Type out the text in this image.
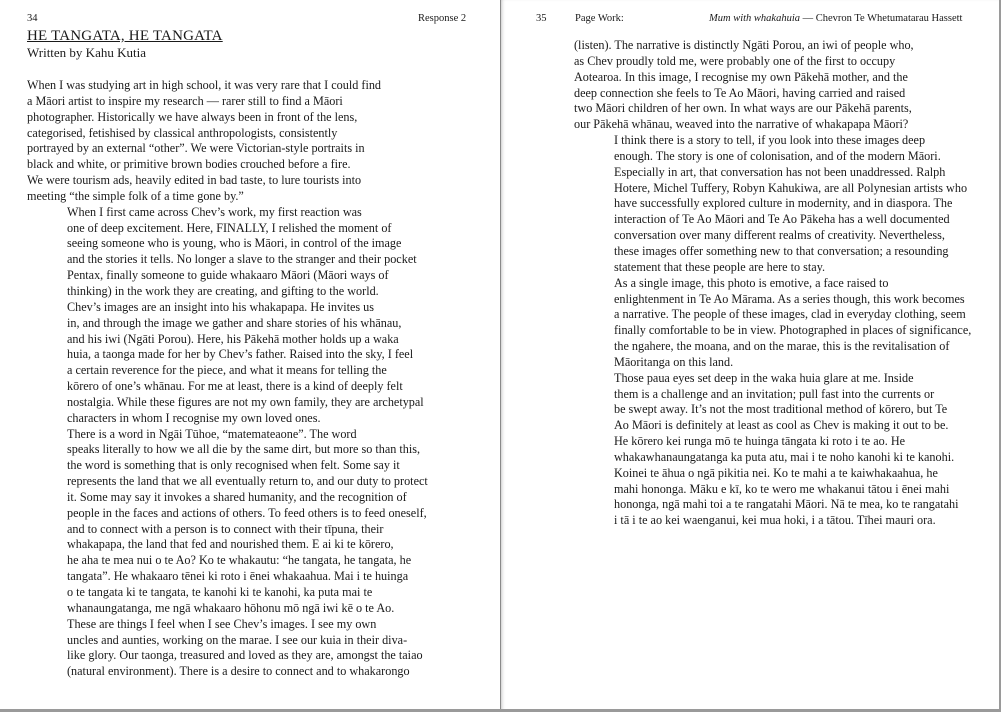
34	Response 2
HE TANGATA, HE TANGATA

Written by Kahu Kutia

When I was studying art in high school, it was very rare that I could find
a Māori artist to inspire my research — rarer still to find a Māori
photographer. Historically we have always been in front of the lens,
categorised, fetishised by classical anthropologists, consistently
portrayed by an external “other”. We were Victorian-style portraits in
black and white, or primitive brown bodies crouched before a fire.
We were tourism ads, heavily edited in bad taste, to lure tourists into
meeting “the simple folk of a time gone by.”

When I first came across Chev’s work, my first reaction was
one of deep excitement. Here, FINALLY, I relished the moment of
seeing someone who is young, who is Māori, in control of the image
and the stories it tells. No longer a slave to the stranger and their pocket
Pentax, finally someone to guide whakaaro Māori (Māori ways of
thinking) in the work they are creating, and gifting to the world.

Chev’s images are an insight into his whakapapa. He invites us
in, and through the image we gather and share stories of his whānau,
and his iwi (Ngāti Porou). Here, his Pākehā mother holds up a waka
huia, a taonga made for her by Chev’s father. Raised into the sky, I feel
a certain reverence for the piece, and what it means for telling the
kōrero of one’s whānau. For me at least, there is a kind of deeply felt
nostalgia. While these figures are not my own family, they are archetypal
characters in whom I recognise my own loved ones.

There is a word in Ngāi Tūhoe, “matemateaone”. The word
speaks literally to how we all die by the same dirt, but more so than this,
the word is something that is only recognised when felt. Some say it
represents the land that we all eventually return to, and our duty to protect
it. Some may say it invokes a shared humanity, and the recognition of
people in the faces and actions of others. To feed others is to feed oneself,
and to connect with a person is to connect with their tīpuna, their
whakapapa, the land that fed and nourished them. E ai ki te kōrero,
he aha te mea nui o te Ao? Ko te whakautu: “he tangata, he tangata, he
tangata”. He whakaaro tēnei ki roto i ēnei whakaahua. Mai i te huinga
o te tangata ki te tangata, te kanohi ki te kanohi, ka puta mai te
whanaungatanga, me ngā whakaaro hōhonu mō ngā iwi kē o te Ao.

These are things I feel when I see Chev’s images. I see my own
uncles and aunties, working on the marae. I see our kuia in their diva-
like glory. Our taonga, treasured and loved as they are, amongst the taiao
(natural environment). There is a desire to connect and to whakarongo

35	Page Work:	Mum with whakahuia — Chevron Te Whetumatarau Hassett

(listen). The narrative is distinctly Ngāti Porou, an iwi of people who,
as Chev proudly told me, were probably one of the first to occupy
Aotearoa. In this image, I recognise my own Pākehā mother, and the
deep connection she feels to Te Ao Māori, having carried and raised
two Māori children of her own. In what ways are our Pākehā parents,
our Pākehā whānau, weaved into the narrative of whakapapa Māori?

I think there is a story to tell, if you look into these images deep
enough. The story is one of colonisation, and of the modern Māori.
Especially in art, that conversation has not been unaddressed. Ralph
Hotere, Michel Tuffery, Robyn Kahukiwa, are all Polynesian artists who
have successfully explored culture in modernity, and in diaspora. The
interaction of Te Ao Māori and Te Ao Pākeha has a well documented
conversation over many different realms of creativity. Nevertheless,
these images offer something new to that conversation; a resounding
statement that these people are here to stay.

As a single image, this photo is emotive, a face raised to
enlightenment in Te Ao Mārama. As a series though, this work becomes
a narrative. The people of these images, clad in everyday clothing, seem
finally comfortable to be in view. Photographed in places of significance,
the ngahere, the moana, and on the marae, this is the revitalisation of
Māoritanga on this land.

Those paua eyes set deep in the waka huia glare at me. Inside
them is a challenge and an invitation; pull fast into the currents or
be swept away. It’s not the most traditional method of kōrero, but Te
Ao Māori is definitely at least as cool as Chev is making it out to be.

He kōrero kei runga mō te huinga tāngata ki roto i te ao. He
whakawhanaungatanga ka puta atu, mai i te noho kanohi ki te kanohi.
Koinei te āhua o ngā pikitia nei. Ko te mahi a te kaiwhakaahua, he
mahi hononga. Māku e kī, ko te wero me whakanui tātou i ēnei mahi
hononga, ngā mahi toi a te rangatahi Māori. Nā te mea, ko te rangatahi
i tā i te ao kei waenganui, kei mua hoki, i a tātou. Tīhei mauri ora.
